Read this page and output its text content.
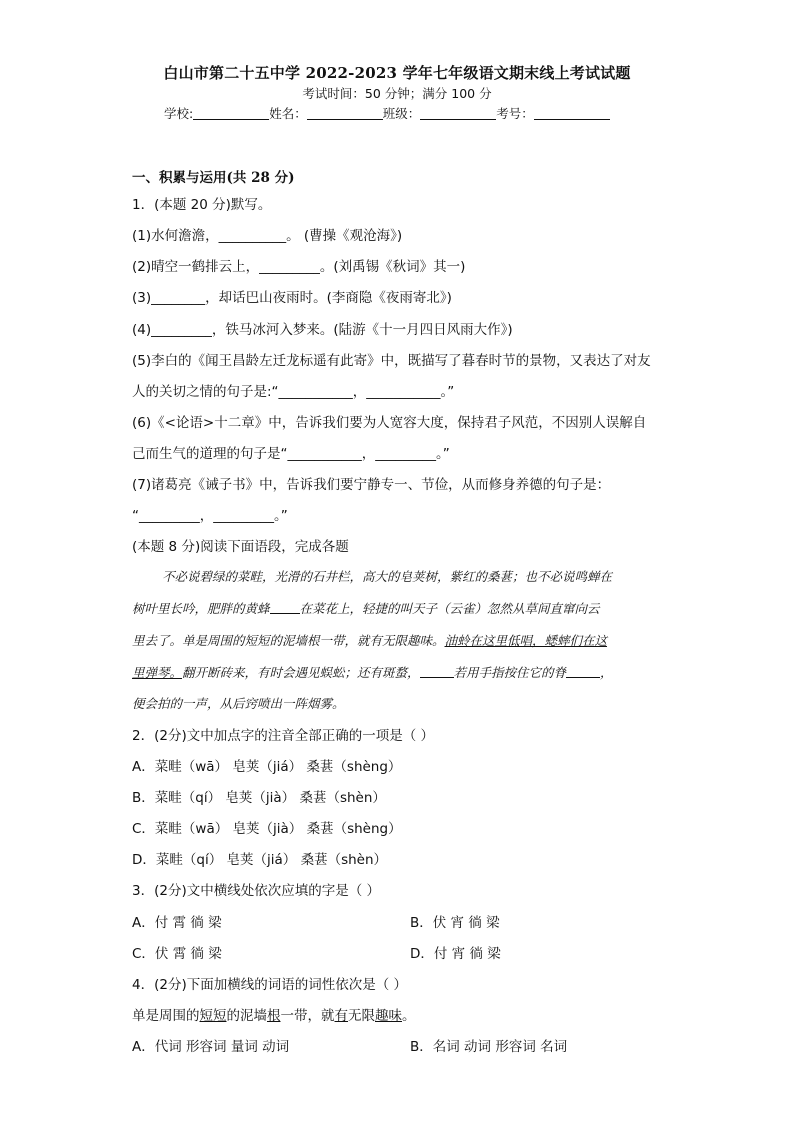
白山市第二十五中学 2022-2023 学年七年级语文期末线上考试试题
考试时间：50 分钟；满分 100 分
学校:	姓名：	班级：	考号：
一、积累与运用(共 28 分)
1．(本题 20 分)默写。
(1)水何澹澹，__________。 (曹操《观沧海》)
(2)晴空一鹤排云上，_________。(刘禹锡《秋词》其一)
(3)________，却话巴山夜雨时。(李商隐《夜雨寄北》)
(4)_________，铁马冰河入梦来。(陆游《十一月四日风雨大作》)
(5)李白的《闻王昌龄左迁龙标遥有此寄》中，既描写了暮春时节的景物，又表达了对友
人的关切之情的句子是:“___________，___________。”
(6)《<论语>十二章》中，告诉我们要为人宽容大度，保持君子风范，不因别人误解自
己而生气的道理的句子是“___________，_________。”
(7)诸葛亮《诫子书》中，告诉我们要宁静专一、节俭，从而修身养德的句子是：
“_________，_________。”
(本题 8 分)阅读下面语段，完成各题
不必说碧绿的菜畦，光滑的石井栏，高大的皂荚树，紫红的桑葚；也不必说鸣蝉在
树叶里长吟，肥胖的黄蜂 在菜花上，轻捷的叫天子（云雀）忽然从草间直窜向云
里去了。单是周围的短短的泥墙根一带，就有无限趣味。油蛉在这里低唱，蟋蟀们在这
里弹琴。翻开断砖来，有时会遇见蜈蚣；还有斑蝥，	若用手指按住它的脊	，
便会拍的一声，从后窍喷出一阵烟雾。
2．(2分)文中加点字的注音全部正确的一项是（ ）
A．菜畦（wā） 皂荚（jiá） 桑葚（shèng）
B．菜畦（qí） 皂荚（jià） 桑葚（shèn）
C．菜畦（wā） 皂荚（jià） 桑葚（shèng）
D．菜畦（qí） 皂荚（jiá） 桑葚（shèn）
3．(2分)文中横线处依次应填的字是（ ）
A．付 霄 徜 梁	B．伏 宵 徜 梁
C．伏 霄 徜 梁	D．付 宵 徜 梁
4．(2分)下面加横线的词语的词性依次是（ ）
单是周围的短短的泥墙根一带，就有无限趣味。
A．代词 形容词 量词 动词	B．名词 动词 形容词 名词
